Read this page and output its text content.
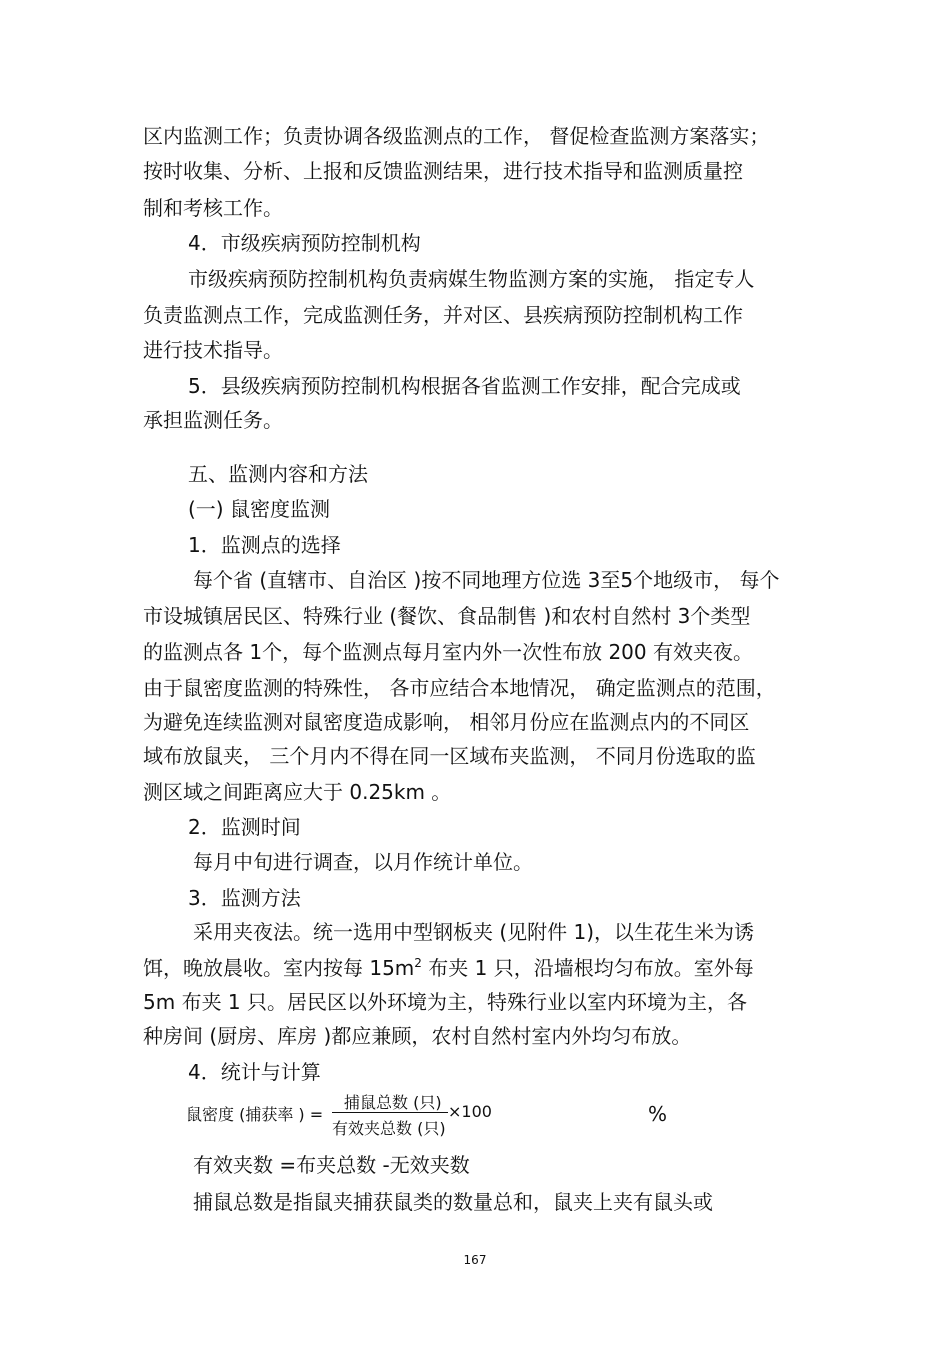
区内监测工作；负责协调各级监测点的工作， 督促检查监测方案落实；
按时收集、分析、上报和反馈监测结果，进行技术指导和监测质量控
制和考核工作。
4．市级疾病预防控制机构
市级疾病预防控制机构负责病媒生物监测方案的实施， 指定专人
负责监测点工作，完成监测任务，并对区、县疾病预防控制机构工作
进行技术指导。
5．县级疾病预防控制机构根据各省监测工作安排，配合完成或
承担监测任务。
五、监测内容和方法
(一) 鼠密度监测
1．监测点的选择
每个省 (直辖市、自治区 )按不同地理方位选 3至5个地级市， 每个
市设城镇居民区、特殊行业 (餐饮、食品制售 )和农村自然村 3个类型
的监测点各 1个，每个监测点每月室内外一次性布放 200 有效夹夜。
由于鼠密度监测的特殊性， 各市应结合本地情况， 确定监测点的范围，
为避免连续监测对鼠密度造成影响， 相邻月份应在监测点内的不同区
域布放鼠夹， 三个月内不得在同一区域布夹监测， 不同月份选取的监
测区域之间距离应大于 0.25km 。
2．监测时间
每月中旬进行调查，以月作统计单位。
3．监测方法
采用夹夜法。统一选用中型钢板夹 (见附件 1)，以生花生米为诱
饵，晚放晨收。室内按每 $15m^2$ 布夹 1 只，沿墙根均匀布放。室外每
5m 布夹 1 只。居民区以外环境为主，特殊行业以室内环境为主，各
种房间 (厨房、库房 )都应兼顾，农村自然村室内外均匀布放。
4．统计与计算
鼠密度 (捕获率 ) =
捕鼠总数 (只)
有效夹总数 (只)
×100	%
有效夹数 =布夹总数 -无效夹数
捕鼠总数是指鼠夹捕获鼠类的数量总和，鼠夹上夹有鼠头或
167
